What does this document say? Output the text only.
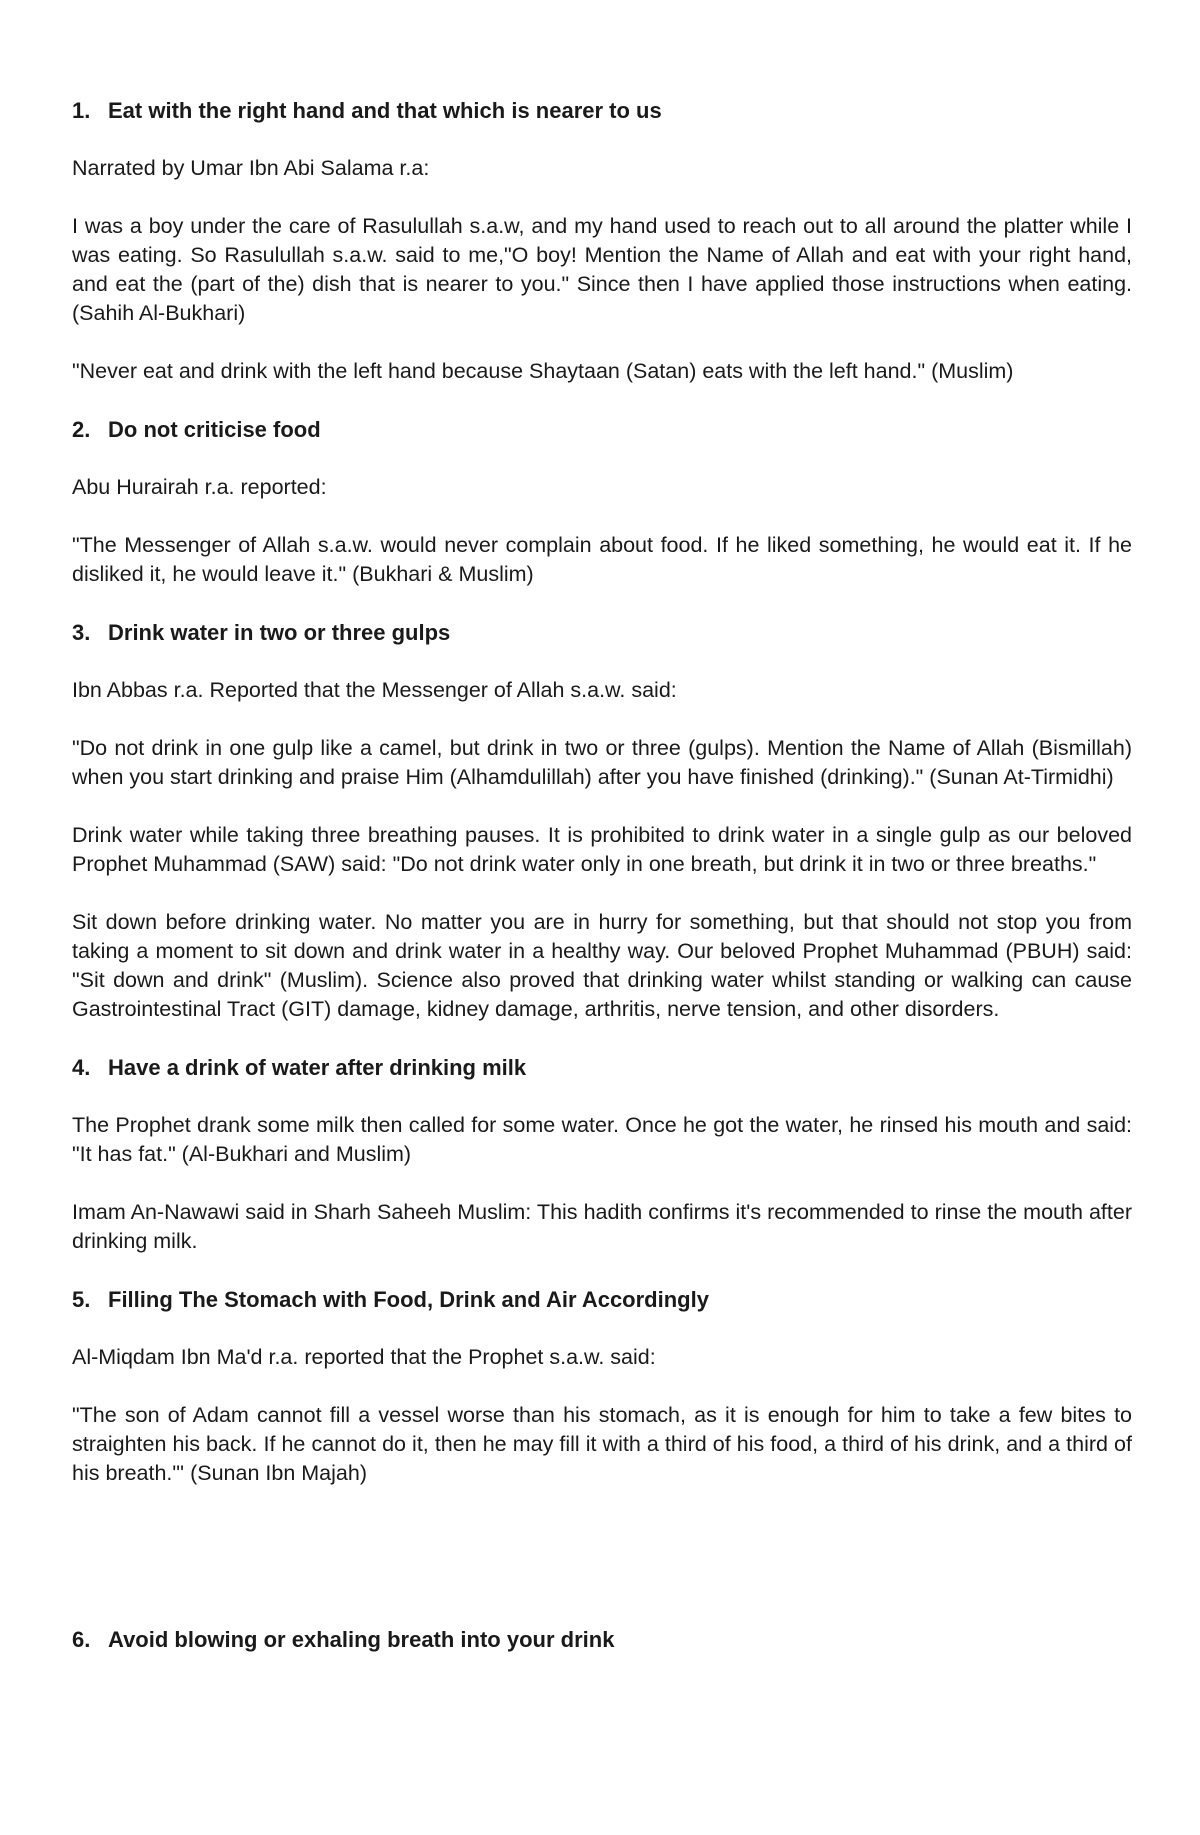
1. Eat with the right hand and that which is nearer to us

Narrated by Umar Ibn Abi Salama r.a:

I was a boy under the care of Rasulullah s.a.w, and my hand used to reach out to all around the platter while I was eating. So Rasulullah s.a.w. said to me,"O boy! Mention the Name of Allah and eat with your right hand, and eat the (part of the) dish that is nearer to you." Since then I have applied those instructions when eating. (Sahih Al-Bukhari)

"Never eat and drink with the left hand because Shaytaan (Satan) eats with the left hand." (Muslim)

2. Do not criticise food

Abu Hurairah r.a. reported:

"The Messenger of Allah s.a.w. would never complain about food. If he liked something, he would eat it. If he disliked it, he would leave it." (Bukhari & Muslim)

3. Drink water in two or three gulps

Ibn Abbas r.a. Reported that the Messenger of Allah s.a.w. said:

"Do not drink in one gulp like a camel, but drink in two or three (gulps). Mention the Name of Allah (Bismillah) when you start drinking and praise Him (Alhamdulillah) after you have finished (drinking)." (Sunan At-Tirmidhi)

Drink water while taking three breathing pauses. It is prohibited to drink water in a single gulp as our beloved Prophet Muhammad (SAW) said: "Do not drink water only in one breath, but drink it in two or three breaths."

Sit down before drinking water. No matter you are in hurry for something, but that should not stop you from taking a moment to sit down and drink water in a healthy way. Our beloved Prophet Muhammad (PBUH) said: "Sit down and drink" (Muslim). Science also proved that drinking water whilst standing or walking can cause Gastrointestinal Tract (GIT) damage, kidney damage, arthritis, nerve tension, and other disorders.

4. Have a drink of water after drinking milk

The Prophet drank some milk then called for some water. Once he got the water, he rinsed his mouth and said: "It has fat." (Al-Bukhari and Muslim)

Imam An-Nawawi said in Sharh Saheeh Muslim: This hadith confirms it's recommended to rinse the mouth after drinking milk.

5. Filling The Stomach with Food, Drink and Air Accordingly

Al-Miqdam Ibn Ma'd r.a. reported that the Prophet s.a.w. said:

"The son of Adam cannot fill a vessel worse than his stomach, as it is enough for him to take a few bites to straighten his back. If he cannot do it, then he may fill it with a third of his food, a third of his drink, and a third of his breath."' (Sunan Ibn Majah)

6. Avoid blowing or exhaling breath into your drink
